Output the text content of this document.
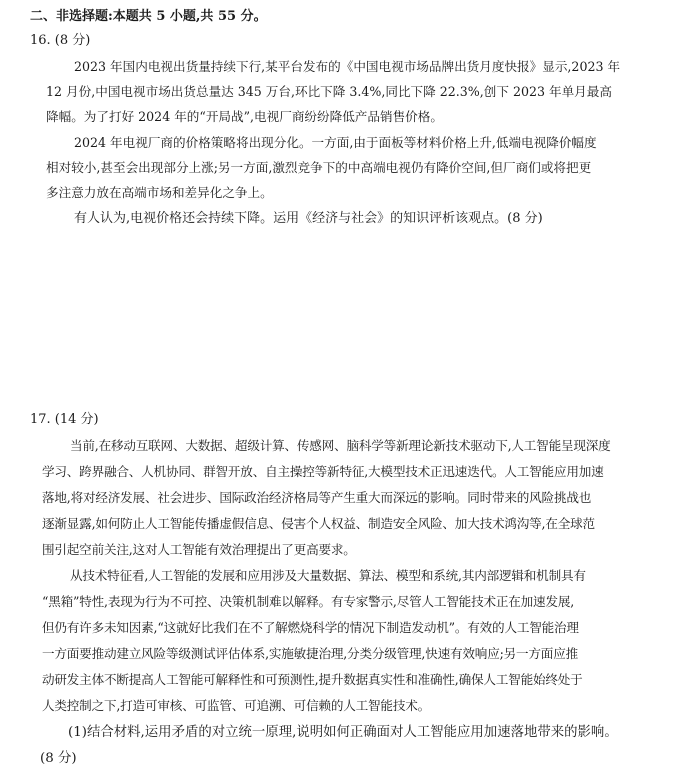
二、非选择题:本题共 5 小题,共 55 分。
16. (8 分)
2023 年国内电视出货量持续下行,某平台发布的《中国电视市场品牌出货月度快报》显示,2023 年
12 月份,中国电视市场出货总量达 345 万台,环比下降 3.4%,同比下降 22.3%,创下 2023 年单月最高
降幅。为了打好 2024 年的“开局战”,电视厂商纷纷降低产品销售价格。
2024 年电视厂商的价格策略将出现分化。一方面,由于面板等材料价格上升,低端电视降价幅度
相对较小,甚至会出现部分上涨;另一方面,激烈竞争下的中高端电视仍有降价空间,但厂商们或将把更
多注意力放在高端市场和差异化之争上。
有人认为,电视价格还会持续下降。运用《经济与社会》的知识评析该观点。(8 分)
17. (14 分)
当前,在移动互联网、大数据、超级计算、传感网、脑科学等新理论新技术驱动下,人工智能呈现深度
学习、跨界融合、人机协同、群智开放、自主操控等新特征,大模型技术正迅速迭代。人工智能应用加速
落地,将对经济发展、社会进步、国际政治经济格局等产生重大而深远的影响。同时带来的风险挑战也
逐渐显露,如何防止人工智能传播虚假信息、侵害个人权益、制造安全风险、加大技术鸿沟等,在全球范
围引起空前关注,这对人工智能有效治理提出了更高要求。
从技术特征看,人工智能的发展和应用涉及大量数据、算法、模型和系统,其内部逻辑和机制具有
“黑箱”特性,表现为行为不可控、决策机制难以解释。有专家警示,尽管人工智能技术正在加速发展,
但仍有许多未知因素,“这就好比我们在不了解燃烧科学的情况下制造发动机”。有效的人工智能治理
一方面要推动建立风险等级测试评估体系,实施敏捷治理,分类分级管理,快速有效响应;另一方面应推
动研发主体不断提高人工智能可解释性和可预测性,提升数据真实性和准确性,确保人工智能始终处于
人类控制之下,打造可审核、可监管、可追溯、可信赖的人工智能技术。
(1)结合材料,运用矛盾的对立统一原理,说明如何正确面对人工智能应用加速落地带来的影响。
(8 分)
